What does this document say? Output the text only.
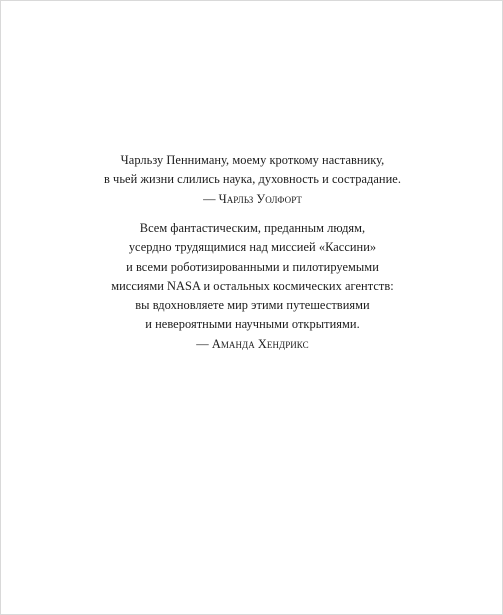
Чарльзу Пенниману, моему кроткому наставнику,
в чьей жизни слились наука, духовность и сострадание.
— Чарльз Уолфорт
Всем фантастическим, преданным людям,
усердно трудящимися над миссией «Кассини»
и всеми роботизированными и пилотируемыми
миссиями NASA и остальных космических агентств:
вы вдохновляете мир этими путешествиями
и невероятными научными открытиями.
— Аманда Хендрикс
